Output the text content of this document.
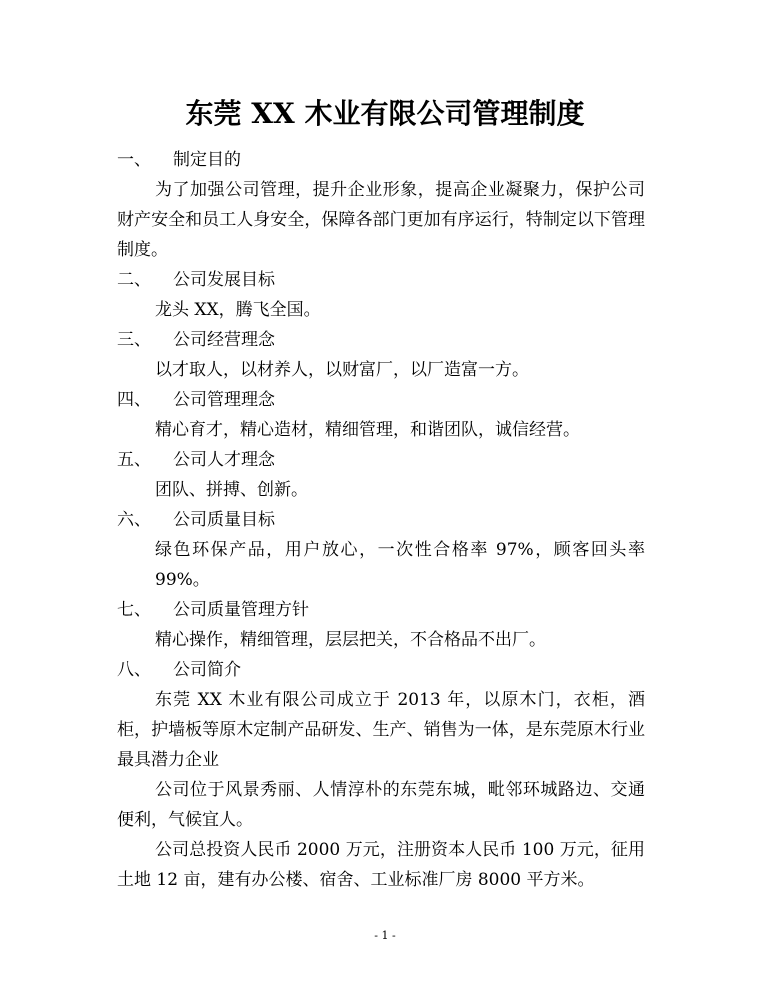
东莞 XX 木业有限公司管理制度
一、 制定目的

为了加强公司管理，提升企业形象，提高企业凝聚力，保护公司财产安全和员工人身安全，保障各部门更加有序运行，特制定以下管理制度。

二、 公司发展目标

龙头 XX，腾飞全国。

三、 公司经营理念

以才取人，以材养人，以财富厂，以厂造富一方。

四、 公司管理理念

精心育才，精心造材，精细管理，和谐团队，诚信经营。

五、 公司人才理念

团队、拼搏、创新。

六、 公司质量目标

绿色环保产品，用户放心，一次性合格率 97%，顾客回头率 99%。

七、 公司质量管理方针

精心操作，精细管理，层层把关，不合格品不出厂。

八、 公司简介

东莞 XX 木业有限公司成立于 2013 年，以原木门，衣柜，酒柜，护墙板等原木定制产品研发、生产、销售为一体，是东莞原木行业最具潜力企业

公司位于风景秀丽、人情淳朴的东莞东城，毗邻环城路边、交通便利，气候宜人。

公司总投资人民币 2000 万元，注册资本人民币 100 万元，征用土地 12 亩，建有办公楼、宿舍、工业标准厂房 8000 平方米。

- 1 -
